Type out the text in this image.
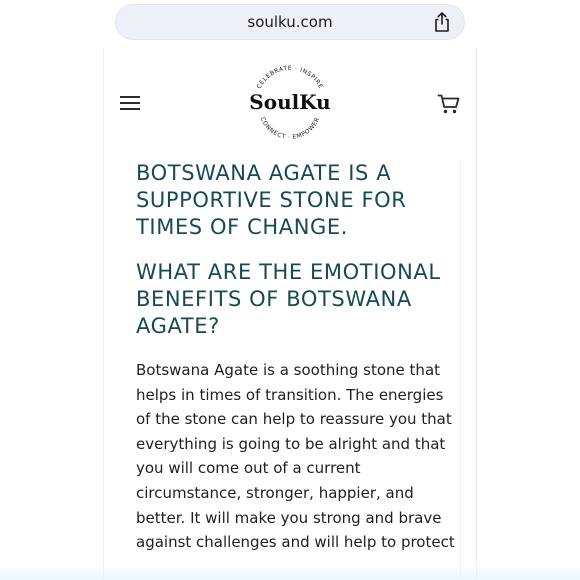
soulku.com
CELEBRATE · INSPIRE
CONNECT · EMPOWER
SoulKu
BOTSWANA AGATE IS A SUPPORTIVE STONE FOR TIMES OF CHANGE.
WHAT ARE THE EMOTIONAL BENEFITS OF BOTSWANA AGATE?

Botswana Agate is a soothing stone that helps in times of transition. The energies of the stone can help to reassure you that everything is going to be alright and that you will come out of a current circumstance, stronger, happier, and better. It will make you strong and brave against challenges and will help to protect
